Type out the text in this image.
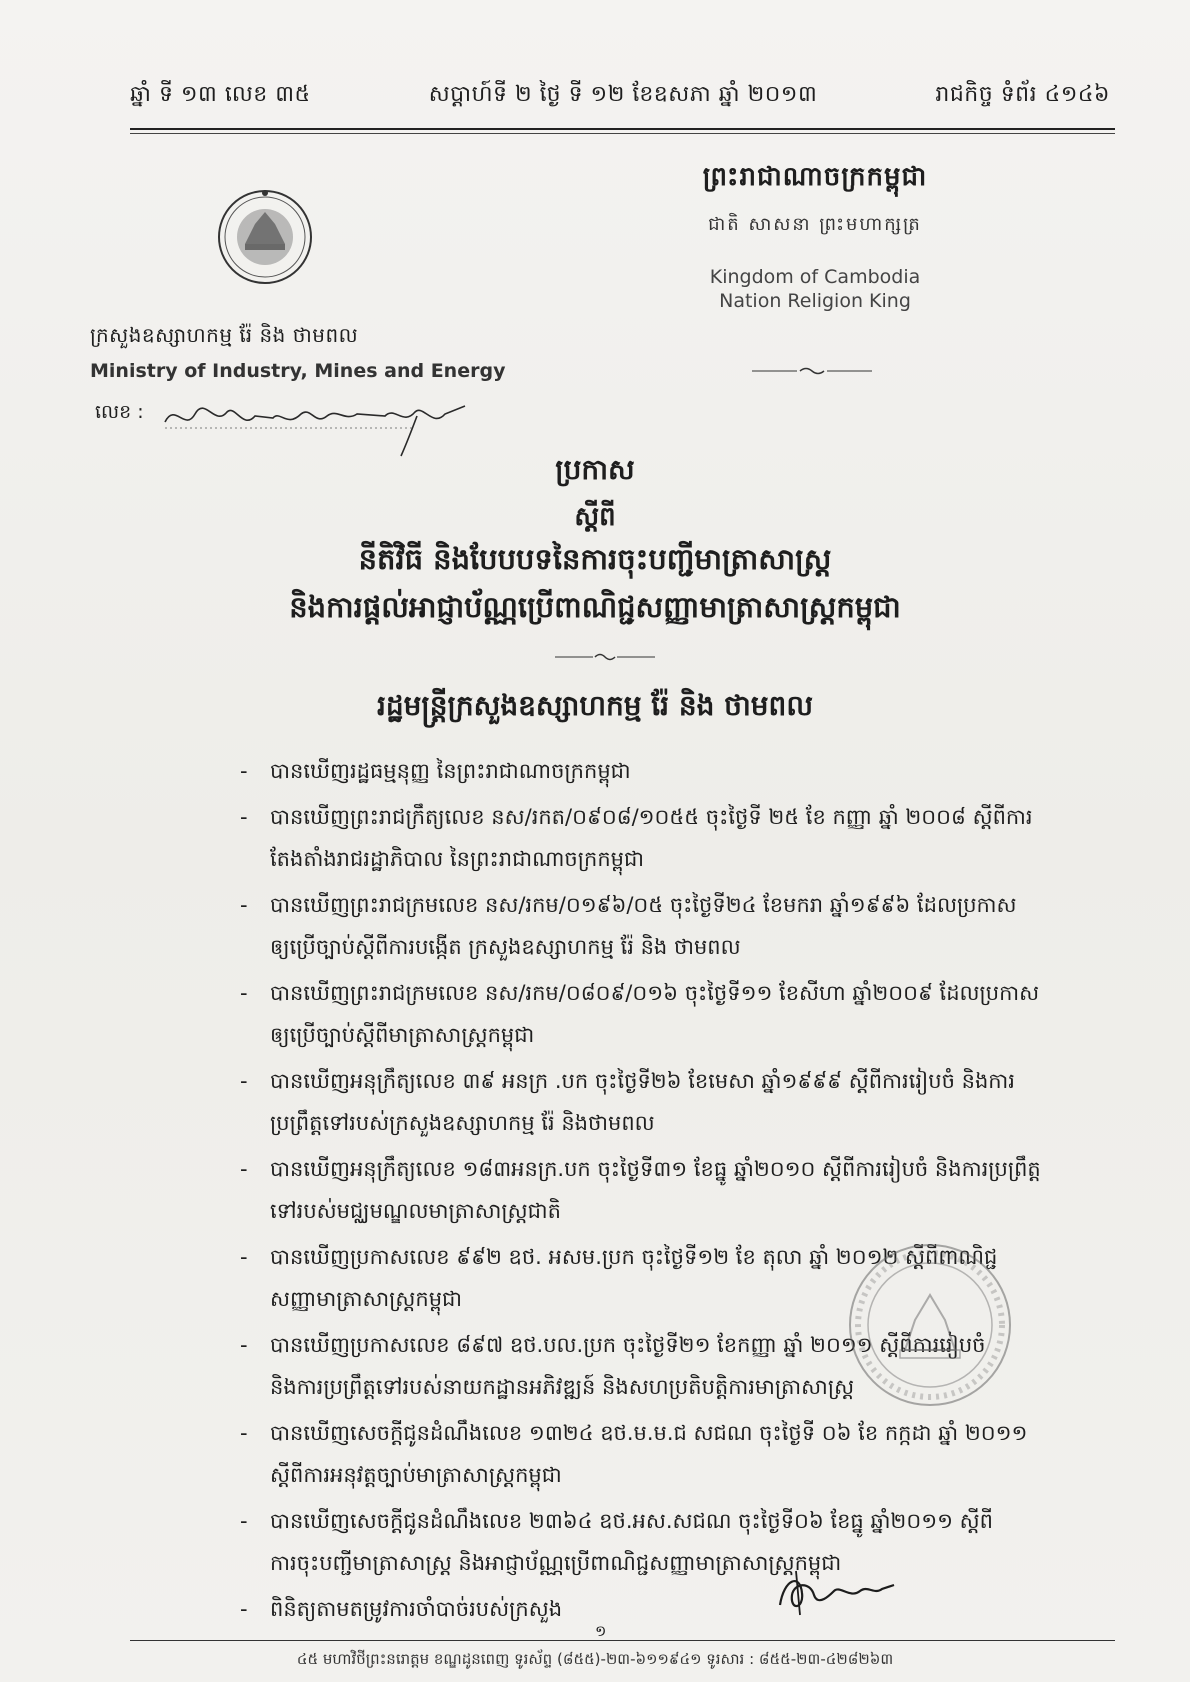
ឆ្នាំ ទី ១៣ លេខ ៣៥	សប្តាហ៍ទី ២ ថ្ងៃ ទី ១២ ខែឧសភា ឆ្នាំ ២០១៣	រាជកិច្ច ទំព័រ ៤១៤៦
ព្រះរាជាណាចក្រកម្ពុជា
ជាតិ សាសនា ព្រះមហាក្សត្រ
Kingdom of Cambodia
Nation Religion King
ក្រសួងឧស្សាហកម្ម រ៉ែ និង ថាមពល
Ministry of Industry, Mines and Energy
លេខ :
ប្រកាស
ស្តីពី
នីតិវិធី និងបែបបទនៃការចុះបញ្ជីមាត្រាសាស្ត្រ
និងការផ្តល់អាជ្ញាប័ណ្ណប្រើពាណិជ្ជសញ្ញាមាត្រាសាស្ត្រកម្ពុជា
រដ្ឋមន្ត្រីក្រសួងឧស្សាហកម្ម រ៉ែ និង ថាមពល
- បានឃើញរដ្ឋធម្មនុញ្ញ នៃព្រះរាជាណាចក្រកម្ពុជា
- បានឃើញព្រះរាជក្រឹត្យលេខ នស/រកត/០៩០៨/១០៥៥ ចុះថ្ងៃទី ២៥ ខែ កញ្ញា ឆ្នាំ ២០០៨ ស្តីពីការ
តែងតាំងរាជរដ្ឋាភិបាល នៃព្រះរាជាណាចក្រកម្ពុជា
- បានឃើញព្រះរាជក្រមលេខ នស/រកម/០១៩៦/០៥ ចុះថ្ងៃទី២៤ ខែមករា ឆ្នាំ១៩៩៦ ដែលប្រកាស
ឲ្យប្រើច្បាប់ស្តីពីការបង្កើត ក្រសួងឧស្សាហកម្ម រ៉ែ និង ថាមពល
- បានឃើញព្រះរាជក្រមលេខ នស/រកម/០៨០៩/០១៦ ចុះថ្ងៃទី១១ ខែសីហា ឆ្នាំ២០០៩ ដែលប្រកាស
ឲ្យប្រើច្បាប់ស្តីពីមាត្រាសាស្ត្រកម្ពុជា
- បានឃើញអនុក្រឹត្យលេខ ៣៩ អនក្រ .បក ចុះថ្ងៃទី២៦ ខែមេសា ឆ្នាំ១៩៩៩ ស្តីពីការរៀបចំ និងការ
ប្រព្រឹត្តទៅរបស់ក្រសួងឧស្សាហកម្ម រ៉ែ និងថាមពល
- បានឃើញអនុក្រឹត្យលេខ ១៨៣អនក្រ.បក ចុះថ្ងៃទី៣១ ខែធ្នូ ឆ្នាំ២០១០ ស្តីពីការរៀបចំ និងការប្រព្រឹត្ត
ទៅរបស់មជ្ឈមណ្ឌលមាត្រាសាស្ត្រជាតិ
- បានឃើញប្រកាសលេខ ៩៩២ ឧថ. អសម.ប្រក ចុះថ្ងៃទី១២ ខែ តុលា ឆ្នាំ ២០១២ ស្តីពីពាណិជ្ជ
សញ្ញាមាត្រាសាស្ត្រកម្ពុជា
- បានឃើញប្រកាសលេខ ៨៩៧ ឧថ.បល.ប្រក ចុះថ្ងៃទី២១ ខែកញ្ញា ឆ្នាំ ២០១១ ស្តីពីការរៀបចំ
និងការប្រព្រឹត្តទៅរបស់នាយកដ្ឋានអភិវឌ្ឍន៍ និងសហប្រតិបត្តិការមាត្រាសាស្ត្រ
- បានឃើញសេចក្តីជូនដំណឹងលេខ ១៣២៤ ឧថ.ម.ម.ជ សជណ ចុះថ្ងៃទី ០៦ ខែ កក្កដា ឆ្នាំ ២០១១
ស្តីពីការអនុវត្តច្បាប់មាត្រាសាស្ត្រកម្ពុជា
- បានឃើញសេចក្តីជូនដំណឹងលេខ ២៣៦៤ ឧថ.អស.សជណ ចុះថ្ងៃទី០៦ ខែធ្នូ ឆ្នាំ២០១១ ស្តីពី
ការចុះបញ្ជីមាត្រាសាស្ត្រ និងអាជ្ញាប័ណ្ណប្រើពាណិជ្ជសញ្ញាមាត្រាសាស្ត្រកម្ពុជា
- ពិនិត្យតាមតម្រូវការចាំបាច់របស់ក្រសួង
១
៤៥ មហាវិថីព្រះនរោត្តម ខណ្ឌដូនពេញ ទូរស័ព្ទ (៨៥៥)-២៣-៦១១៩៤១ ទូរសារ : ៨៥៥-២៣-៤២៨២៦៣
